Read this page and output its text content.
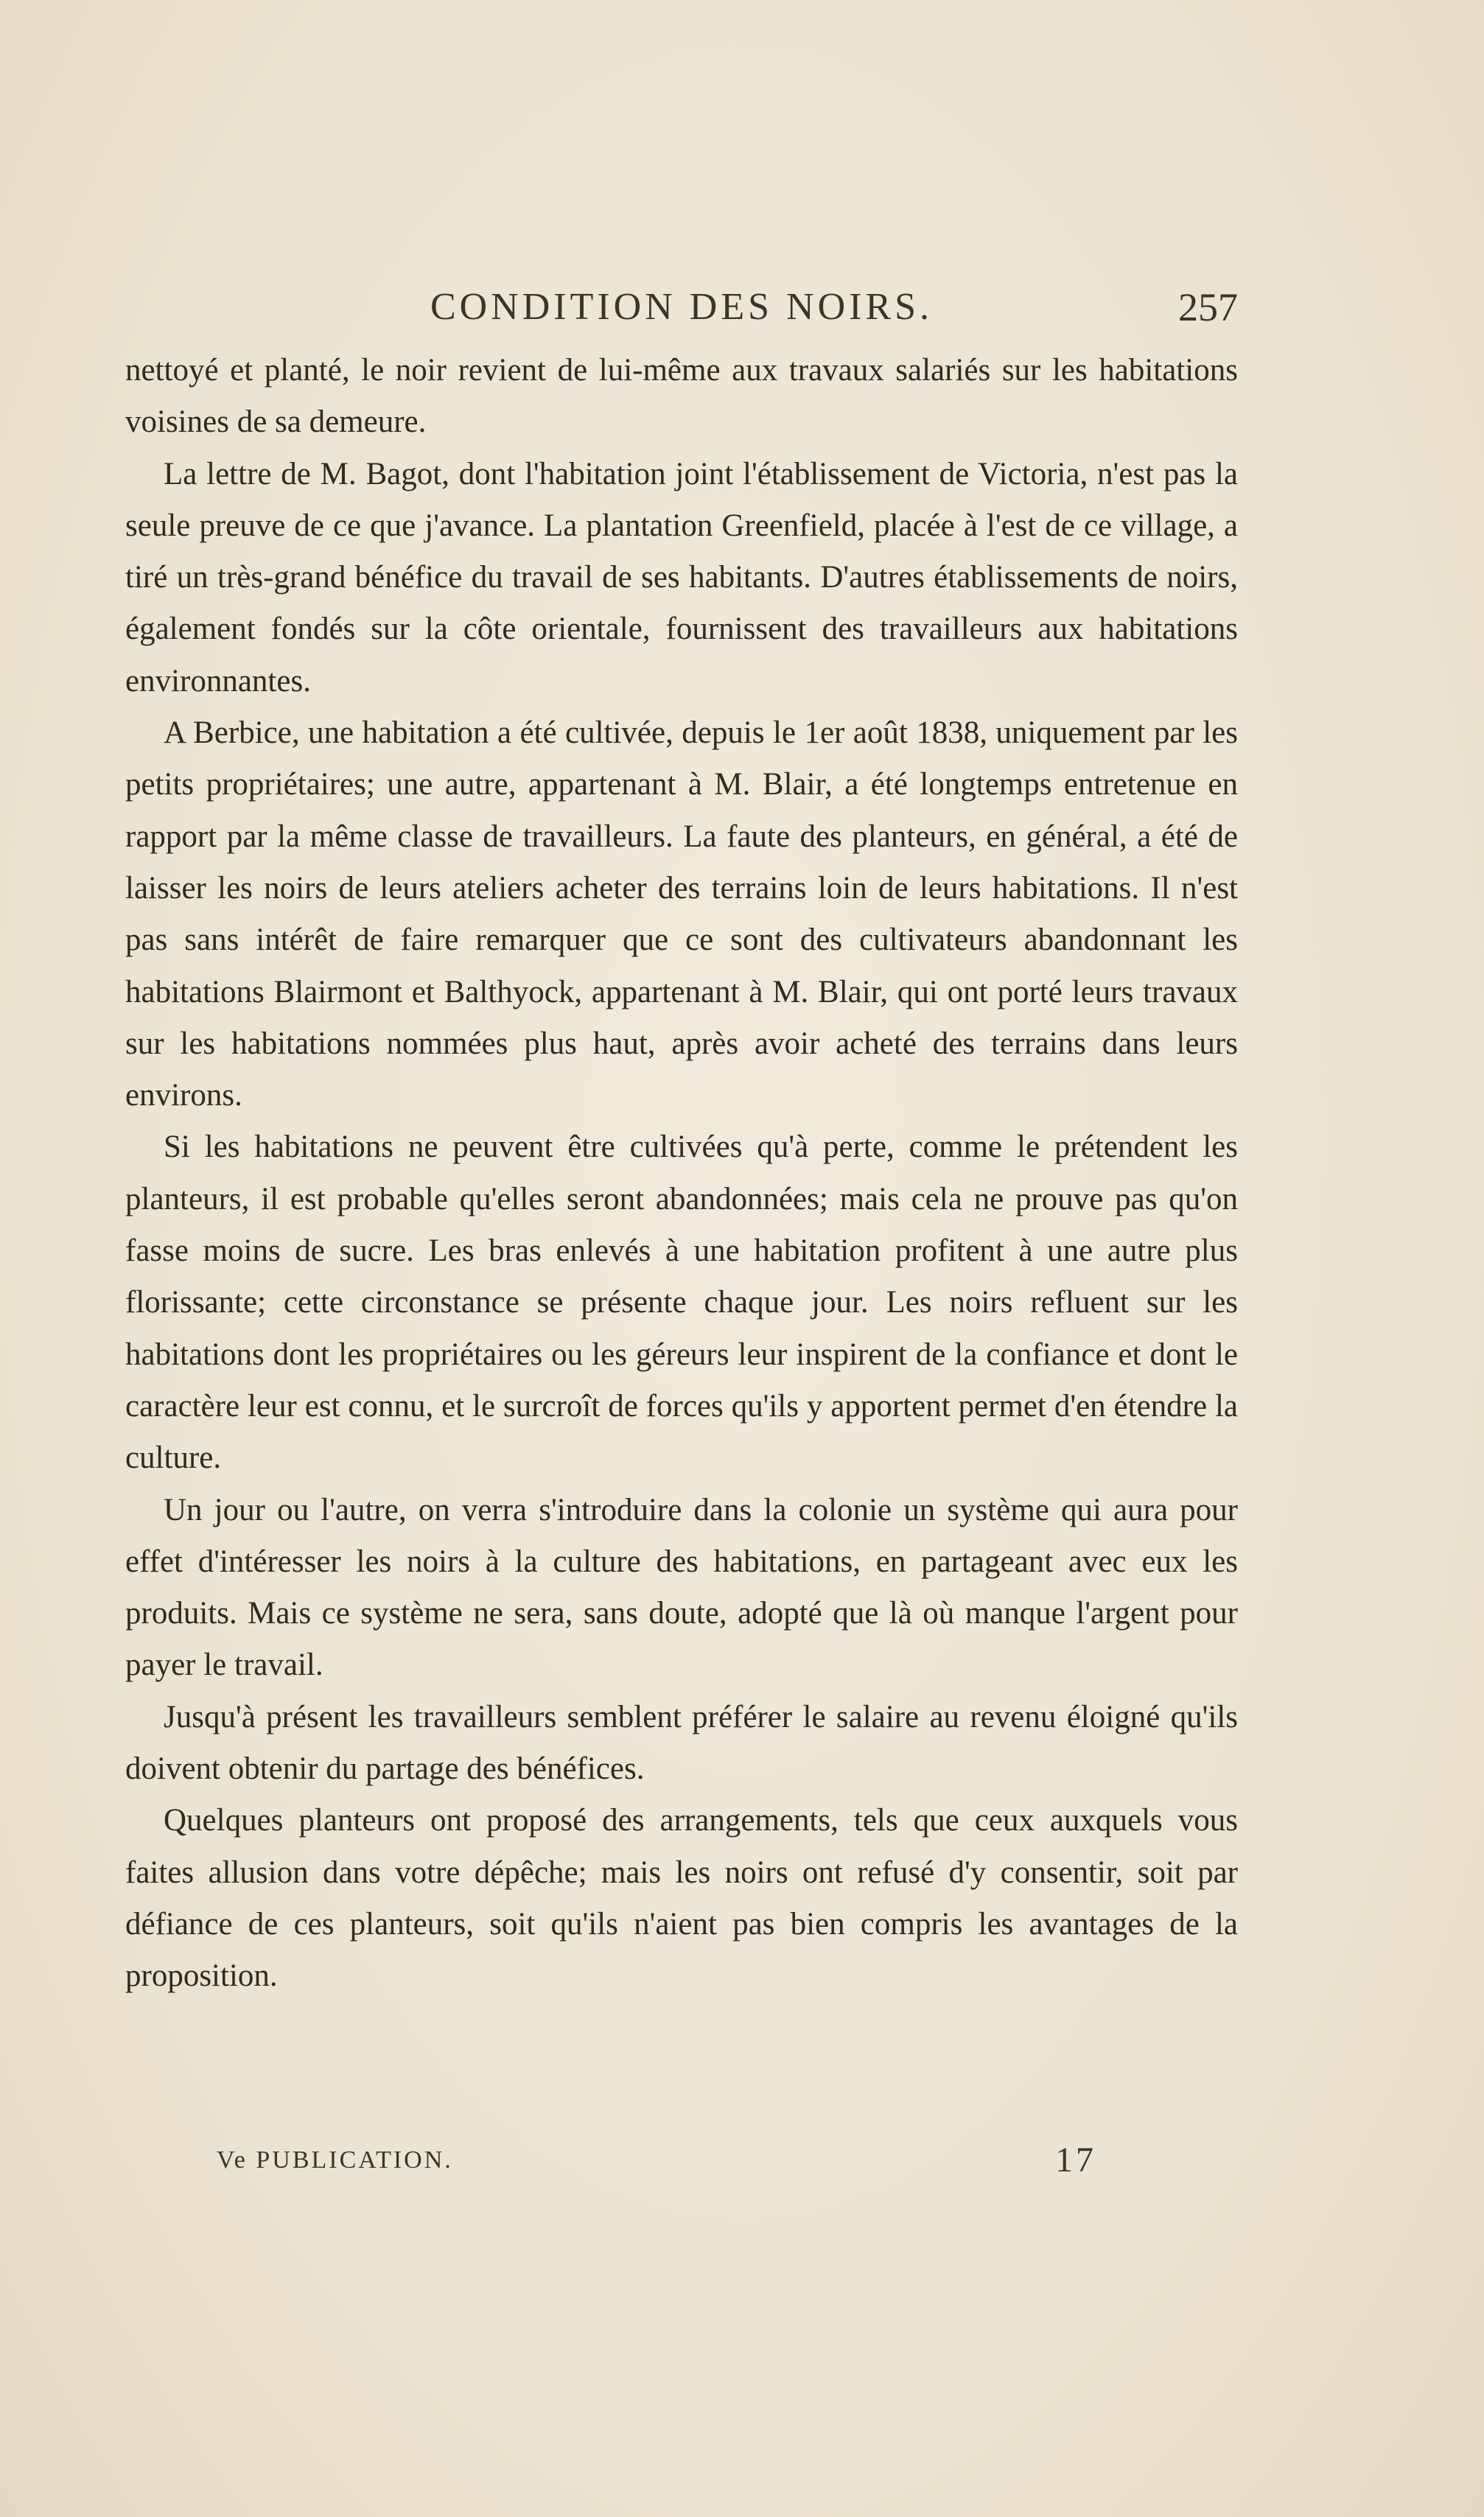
CONDITION DES NOIRS.	257

nettoyé et planté, le noir revient de lui-même aux travaux salariés sur les habitations voisines de sa demeure.

La lettre de M. Bagot, dont l'habitation joint l'établissement de Victoria, n'est pas la seule preuve de ce que j'avance. La plantation Greenfield, placée à l'est de ce village, a tiré un très-grand bénéfice du travail de ses habitants. D'autres établissements de noirs, également fondés sur la côte orientale, fournissent des travailleurs aux habitations environnantes.

A Berbice, une habitation a été cultivée, depuis le 1er août 1838, uniquement par les petits propriétaires; une autre, appartenant à M. Blair, a été longtemps entretenue en rapport par la même classe de travailleurs. La faute des planteurs, en général, a été de laisser les noirs de leurs ateliers acheter des terrains loin de leurs habitations. Il n'est pas sans intérêt de faire remarquer que ce sont des cultivateurs abandonnant les habitations Blairmont et Balthyock, appartenant à M. Blair, qui ont porté leurs travaux sur les habitations nommées plus haut, après avoir acheté des terrains dans leurs environs.

Si les habitations ne peuvent être cultivées qu'à perte, comme le prétendent les planteurs, il est probable qu'elles seront abandonnées; mais cela ne prouve pas qu'on fasse moins de sucre. Les bras enlevés à une habitation profitent à une autre plus florissante; cette circonstance se présente chaque jour. Les noirs refluent sur les habitations dont les propriétaires ou les géreurs leur inspirent de la confiance et dont le caractère leur est connu, et le surcroît de forces qu'ils y apportent permet d'en étendre la culture.

Un jour ou l'autre, on verra s'introduire dans la colonie un système qui aura pour effet d'intéresser les noirs à la culture des habitations, en partageant avec eux les produits. Mais ce système ne sera, sans doute, adopté que là où manque l'argent pour payer le travail.

Jusqu'à présent les travailleurs semblent préférer le salaire au revenu éloigné qu'ils doivent obtenir du partage des bénéfices.

Quelques planteurs ont proposé des arrangements, tels que ceux auxquels vous faites allusion dans votre dépêche; mais les noirs ont refusé d'y consentir, soit par défiance de ces planteurs, soit qu'ils n'aient pas bien compris les avantages de la proposition.

Ve PUBLICATION.	17
